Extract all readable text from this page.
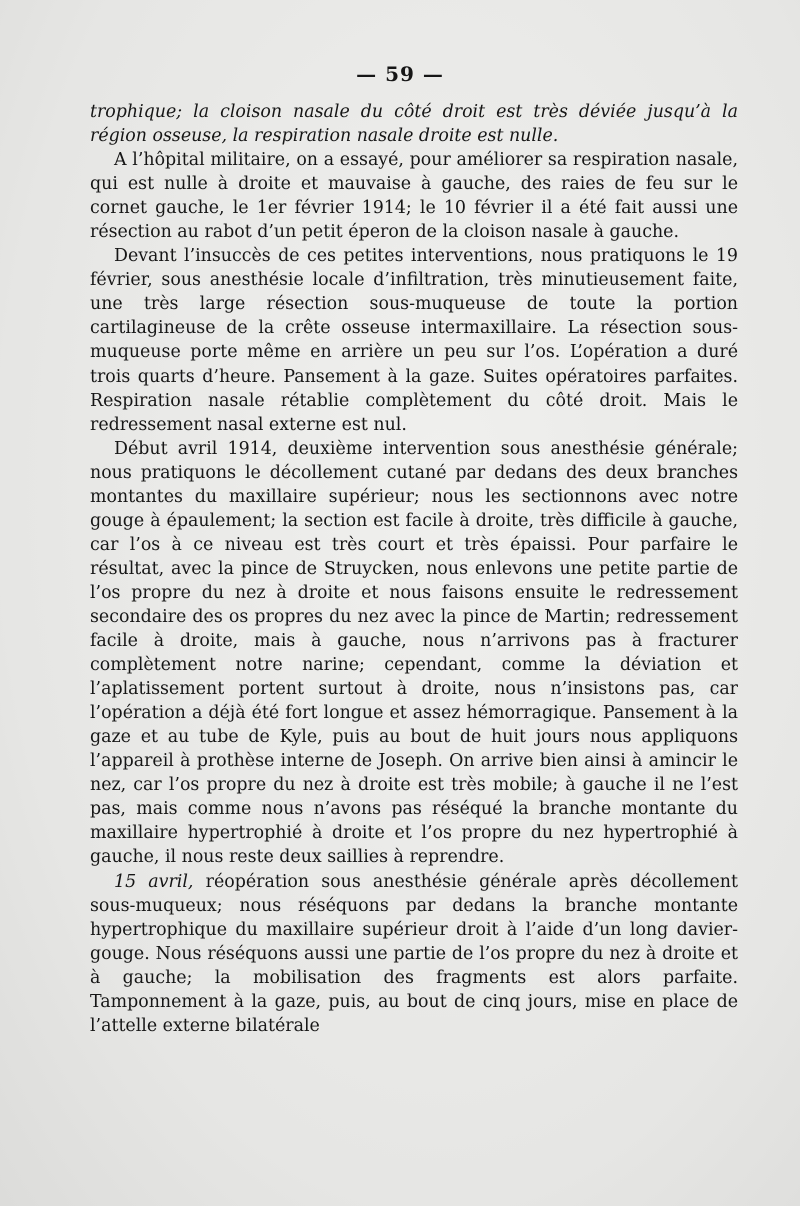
— 59 —

trophique; la cloison nasale du côté droit est très déviée jusqu’à la région osseuse, la respiration nasale droite est nulle.

A l’hôpital militaire, on a essayé, pour améliorer sa respiration nasale, qui est nulle à droite et mauvaise à gauche, des raies de feu sur le cornet gauche, le 1er février 1914; le 10 février il a été fait aussi une résection au rabot d’un petit éperon de la cloison nasale à gauche.

Devant l’insuccès de ces petites interventions, nous pratiquons le 19 février, sous anesthésie locale d’infiltration, très minutieusement faite, une très large résection sous-muqueuse de toute la portion cartilagineuse de la crête osseuse intermaxillaire. La résection sous-muqueuse porte même en arrière un peu sur l’os. L’opération a duré trois quarts d’heure. Pansement à la gaze. Suites opératoires parfaites. Respiration nasale rétablie complètement du côté droit. Mais le redressement nasal externe est nul.

Début avril 1914, deuxième intervention sous anesthésie générale; nous pratiquons le décollement cutané par dedans des deux branches montantes du maxillaire supérieur; nous les sectionnons avec notre gouge à épaulement; la section est facile à droite, très difficile à gauche, car l’os à ce niveau est très court et très épaissi. Pour parfaire le résultat, avec la pince de Struycken, nous enlevons une petite partie de l’os propre du nez à droite et nous faisons ensuite le redressement secondaire des os propres du nez avec la pince de Martin; redressement facile à droite, mais à gauche, nous n’arrivons pas à fracturer complètement notre narine; cependant, comme la déviation et l’aplatissement portent surtout à droite, nous n’insistons pas, car l’opération a déjà été fort longue et assez hémorragique. Pansement à la gaze et au tube de Kyle, puis au bout de huit jours nous appliquons l’appareil à prothèse interne de Joseph. On arrive bien ainsi à amincir le nez, car l’os propre du nez à droite est très mobile; à gauche il ne l’est pas, mais comme nous n’avons pas réséqué la branche montante du maxillaire hypertrophié à droite et l’os propre du nez hypertrophié à gauche, il nous reste deux saillies à reprendre.

15 avril, réopération sous anesthésie générale après décollement sous-muqueux; nous réséquons par dedans la branche montante hypertrophique du maxillaire supérieur droit à l’aide d’un long davier-gouge. Nous réséquons aussi une partie de l’os propre du nez à droite et à gauche; la mobilisation des fragments est alors parfaite. Tamponnement à la gaze, puis, au bout de cinq jours, mise en place de l’attelle externe bilatérale
